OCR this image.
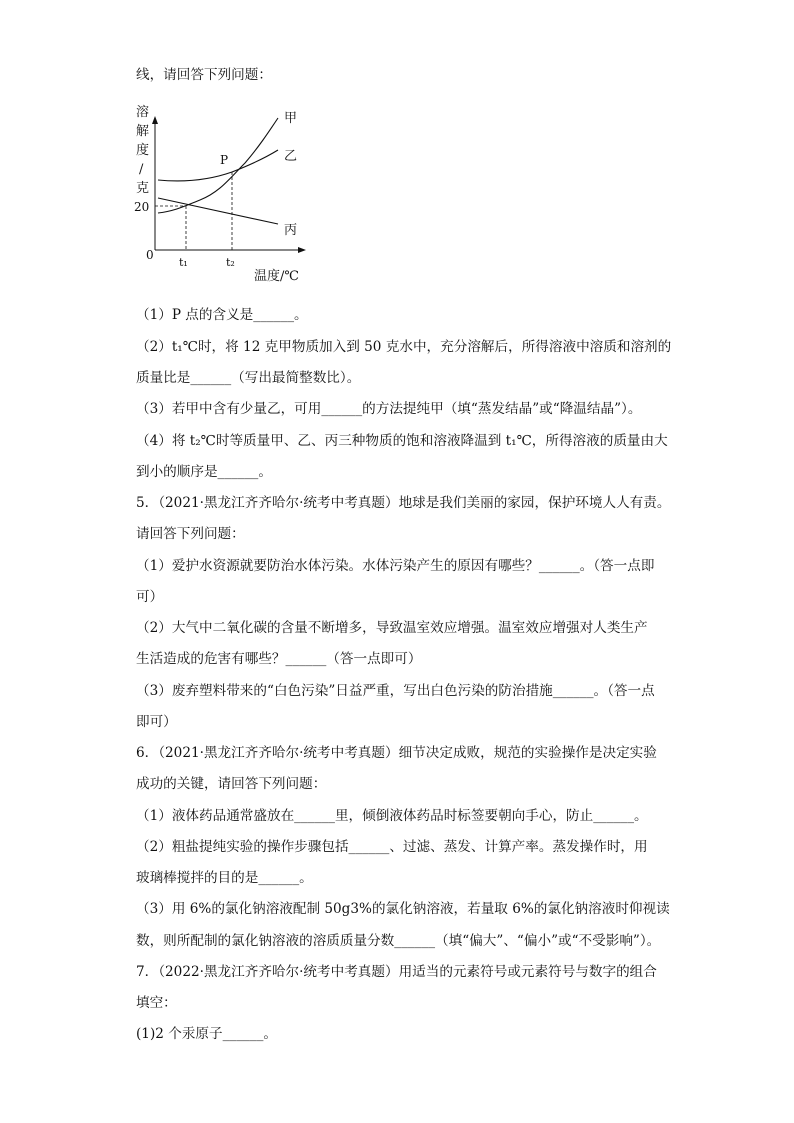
线，请回答下列问题：
溶
解
度
/
克
20
0
P
甲
乙
丙
t₁	t₂
温度/℃
（1）P 点的含义是______。
（2）t₁℃时，将 12 克甲物质加入到 50 克水中，充分溶解后，所得溶液中溶质和溶剂的
质量比是______（写出最简整数比）。
（3）若甲中含有少量乙，可用______的方法提纯甲（填“蒸发结晶”或“降温结晶”）。
（4）将 t₂℃时等质量甲、乙、丙三种物质的饱和溶液降温到 t₁℃，所得溶液的质量由大
到小的顺序是______。
5．（2021·黑龙江齐齐哈尔·统考中考真题）地球是我们美丽的家园，保护环境人人有责。
请回答下列问题：
（1）爱护水资源就要防治水体污染。水体污染产生的原因有哪些？______。（答一点即
可）
（2）大气中二氧化碳的含量不断增多，导致温室效应增强。温室效应增强对人类生产
生活造成的危害有哪些？______（答一点即可）
（3）废弃塑料带来的“白色污染”日益严重，写出白色污染的防治措施______。（答一点
即可）
6．（2021·黑龙江齐齐哈尔·统考中考真题）细节决定成败，规范的实验操作是决定实验
成功的关键，请回答下列问题：
（1）液体药品通常盛放在______里，倾倒液体药品时标签要朝向手心，防止______。
（2）粗盐提纯实验的操作步骤包括______、过滤、蒸发、计算产率。蒸发操作时，用
玻璃棒搅拌的目的是______。
（3）用 6%的氯化钠溶液配制 50g3%的氯化钠溶液，若量取 6%的氯化钠溶液时仰视读
数，则所配制的氯化钠溶液的溶质质量分数______（填“偏大”、“偏小”或“不受影响”）。
7．（2022·黑龙江齐齐哈尔·统考中考真题）用适当的元素符号或元素符号与数字的组合
填空：
(1)2 个汞原子______。
